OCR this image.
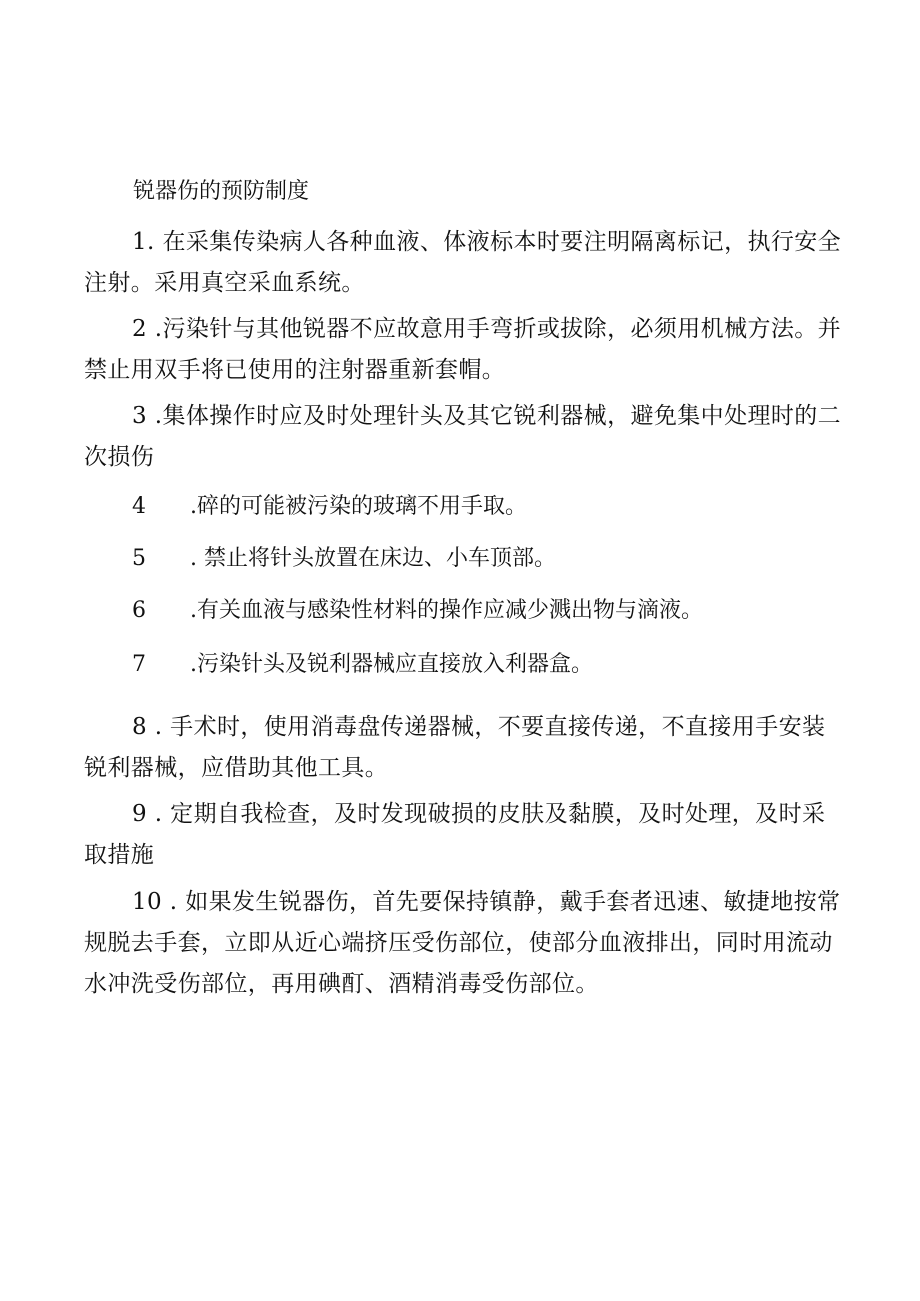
锐器伤的预防制度
1. 在采集传染病人各种血液、体液标本时要注明隔离标记，执行安全注射。采用真空采血系统。
2 .污染针与其他锐器不应故意用手弯折或拔除，必须用机械方法。并禁止用双手将已使用的注射器重新套帽。
3 .集体操作时应及时处理针头及其它锐利器械，避免集中处理时的二次损伤
4 .碎的可能被污染的玻璃不用手取。
5 . 禁止将针头放置在床边、小车顶部。
6 .有关血液与感染性材料的操作应减少溅出物与滴液。
7 .污染针头及锐利器械应直接放入利器盒。
8 . 手术时，使用消毒盘传递器械，不要直接传递，不直接用手安装锐利器械，应借助其他工具。
9 . 定期自我检查，及时发现破损的皮肤及黏膜，及时处理，及时采取措施
10 . 如果发生锐器伤，首先要保持镇静，戴手套者迅速、敏捷地按常规脱去手套，立即从近心端挤压受伤部位，使部分血液排出，同时用流动水冲洗受伤部位，再用碘酊、酒精消毒受伤部位。
